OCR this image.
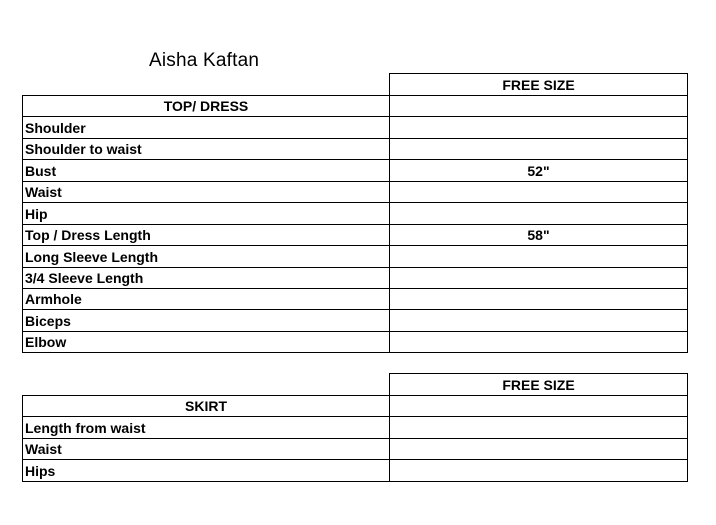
Aisha Kaftan
FREE SIZE
TOP/ DRESS
Shoulder
Shoulder to waist
Bust	52"
Waist
Hip
Top / Dress Length	58"
Long Sleeve Length
3/4 Sleeve Length
Armhole
Biceps
Elbow
FREE SIZE
SKIRT
Length from waist
Waist
Hips
